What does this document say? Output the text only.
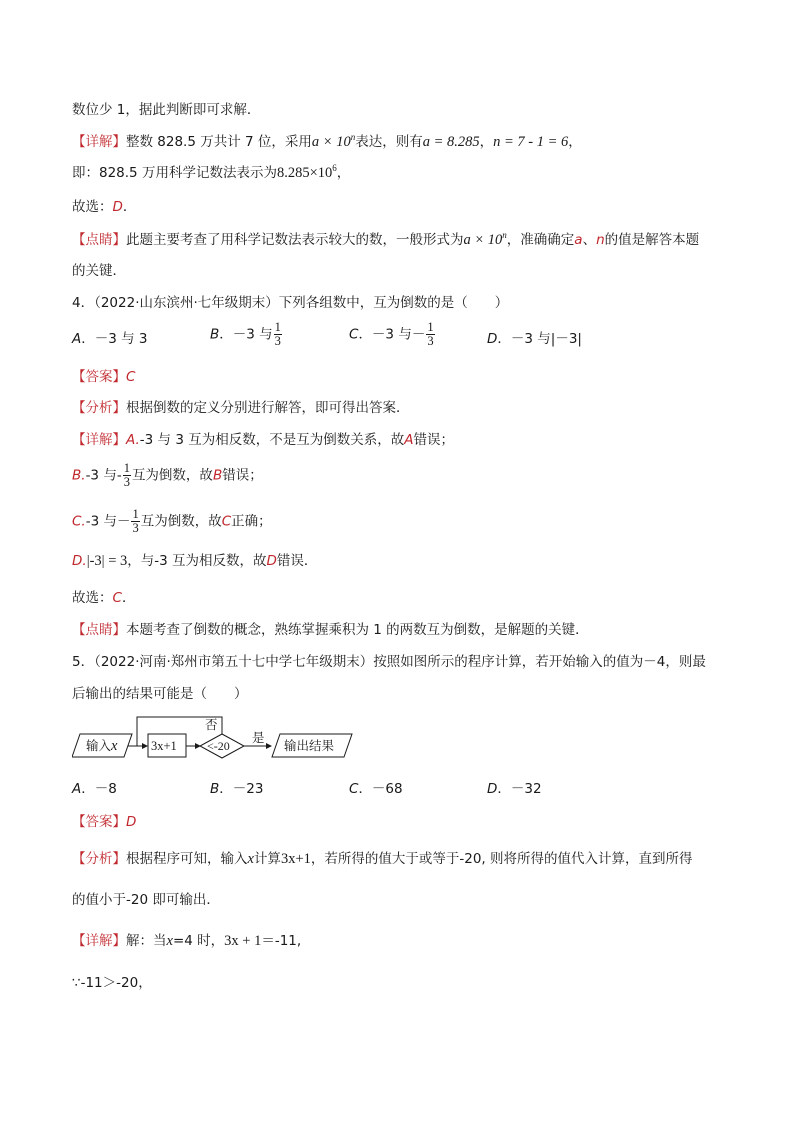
数位少 1，据此判断即可求解．
【详解】整数 828.5 万共计 7 位，采用$a \times 10^n$表达，则有a = 8.285，n = 7 - 1 = 6，
即：828.5 万用科学记数法表示为$8.285\times 10^6$，
故选：D．
【点睛】此题主要考查了用科学记数法表示较大的数，一般形式为$a \times 10^n$，准确确定a、n的值是解答本题
的关键．
4．（2022·山东滨州·七年级期末）下列各组数中，互为倒数的是（　　）
A．－3 与 3	B．－3 与 $\frac{1}{3}$	C．－3 与－ $\frac{1}{3}$	D．－3 与|－3|
【答案】C
【分析】根据倒数的定义分别进行解答，即可得出答案．
【详解】A.-3 与 3 互为相反数，不是互为倒数关系，故A错误；
B.-3 与- $\frac{1}{3}$ 互为倒数，故B错误；
C.-3 与－ $\frac{1}{3}$ 互为倒数，故C正确；
D.|-3| = 3，与-3 互为相反数，故D错误．
故选：C．
【点睛】本题考查了倒数的概念，熟练掌握乘积为 1 的两数互为倒数，是解题的关键．
5．（2022·河南·郑州市第五十七中学七年级期末）按照如图所示的程序计算，若开始输入的值为－4，则最
后输出的结果可能是（　　）
输入x	3x+1	<-20
否
是
输出结果
A．－8	B．－23	C．－68	D．－32
【答案】D
【分析】根据程序可知，输入x计算3x+1，若所得的值大于或等于-20, 则将所得的值代入计算，直到所得
的值小于-20 即可输出．
【详解】解：当x=4 时，3x + 1＝-11,
∵-11＞-20，
